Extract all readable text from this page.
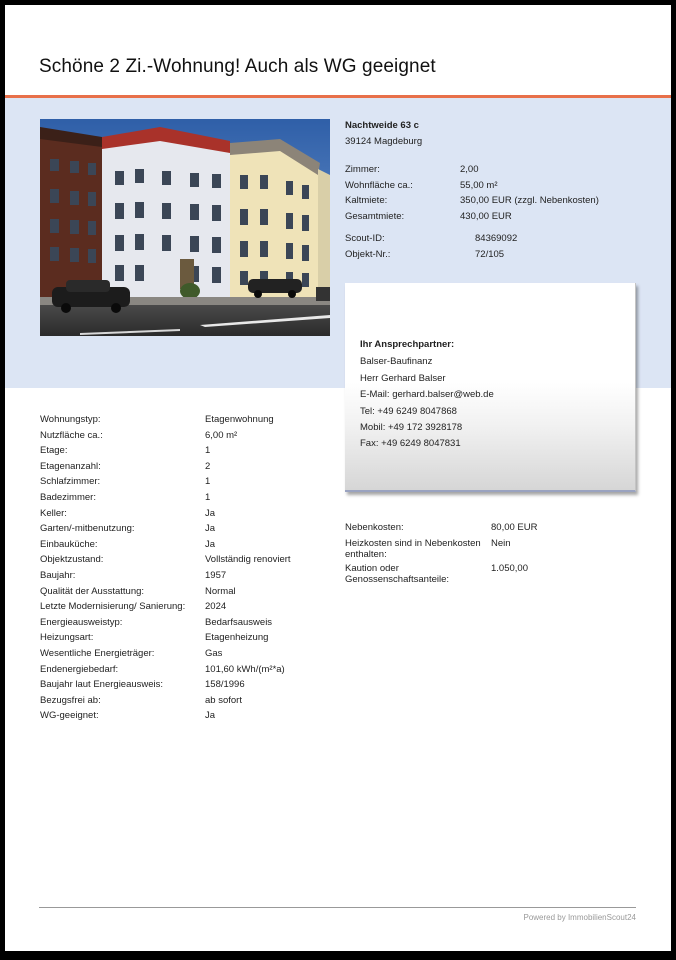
Schöne 2 Zi.-Wohnung! Auch als WG geeignet
Nachtweide 63 c
39124 Magdeburg
Zimmer:	2,00
Wohnfläche ca.:	55,00 m²
Kaltmiete:	350,00 EUR (zzgl. Nebenkosten)
Gesamtmiete:	430,00 EUR
Scout-ID:	84369092
Objekt-Nr.:	72/105
Ihr Ansprechpartner:
Balser-Baufinanz
Herr Gerhard Balser
E-Mail: gerhard.balser@web.de
Tel: +49 6249 8047868
Mobil: +49 172 3928178
Fax: +49 6249 8047831
Wohnungstyp:	Etagenwohnung
Nutzfläche ca.:	6,00 m²
Etage:	1
Etagenanzahl:	2
Schlafzimmer:	1
Badezimmer:	1
Keller:	Ja
Garten/-mitbenutzung:	Ja
Einbauküche:	Ja
Objektzustand:	Vollständig renoviert
Baujahr:	1957
Qualität der Ausstattung:	Normal
Letzte Modernisierung/ Sanierung: 2024
Energieausweistyp:	Bedarfsausweis
Heizungsart:	Etagenheizung
Wesentliche Energieträger:	Gas
Endenergiebedarf:	101,60 kWh/(m²*a)
Baujahr laut Energieausweis:	158/1996
Bezugsfrei ab:	ab sofort
WG-geeignet:	Ja
Nebenkosten:	80,00 EUR
Heizkosten sind in Nebenkosten
enthalten:
Nein
Kaution oder
Genossenschaftsanteile:
1.050,00
Powered by ImmobilienScout24
